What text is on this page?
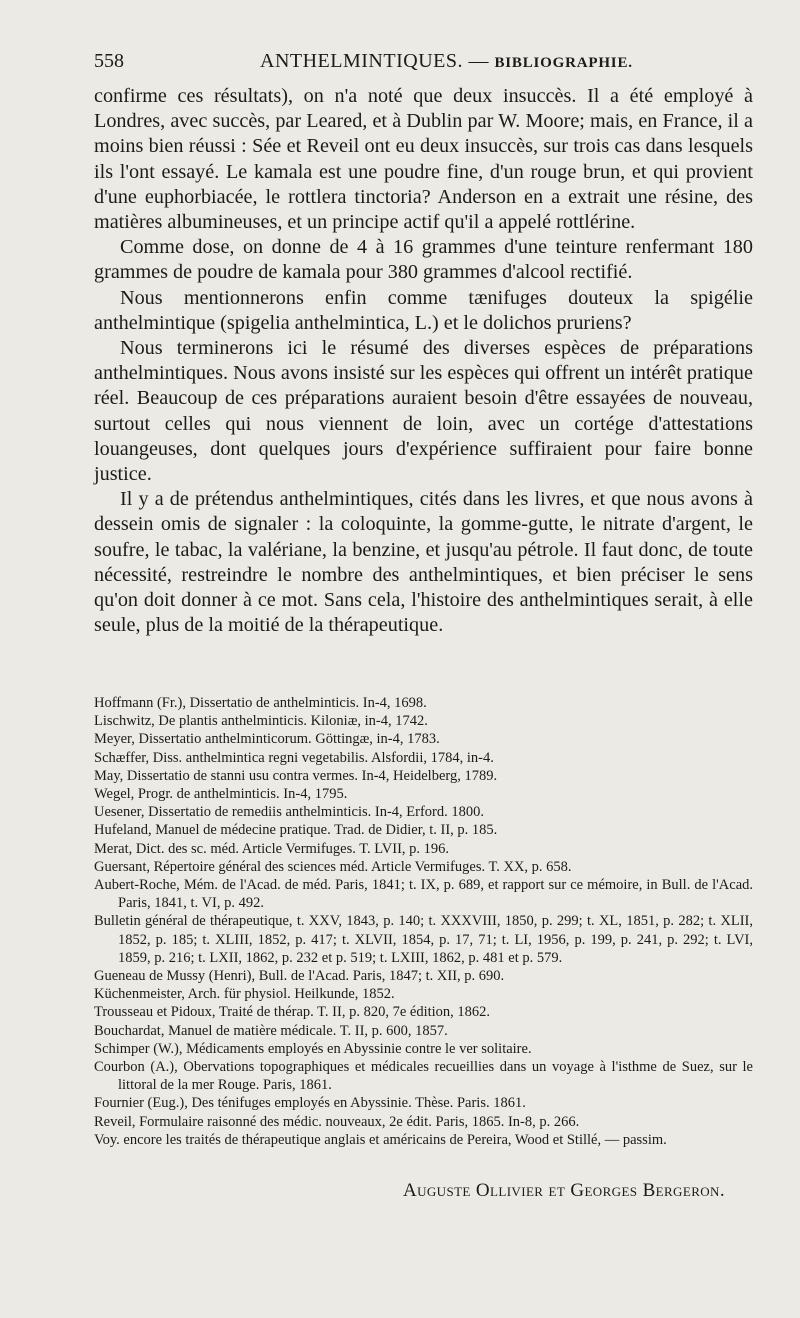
558	ANTHELMINTIQUES. — BIBLIOGRAPHIE.

confirme ces résultats), on n'a noté que deux insuccès. Il a été employé à Londres, avec succès, par Leared, et à Dublin par W. Moore; mais, en France, il a moins bien réussi : Sée et Reveil ont eu deux insuccès, sur trois cas dans lesquels ils l'ont essayé. Le kamala est une poudre fine, d'un rouge brun, et qui provient d'une euphorbiacée, le rottlera tinctoria? Anderson en a extrait une résine, des matières albumineuses, et un principe actif qu'il a appelé rottlérine.

Comme dose, on donne de 4 à 16 grammes d'une teinture renfermant 180 grammes de poudre de kamala pour 380 grammes d'alcool rectifié.

Nous mentionnerons enfin comme tænifuges douteux la spigélie anthelmintique (spigelia anthelmintica, L.) et le dolichos pruriens?

Nous terminerons ici le résumé des diverses espèces de préparations anthelmintiques. Nous avons insisté sur les espèces qui offrent un intérêt pratique réel. Beaucoup de ces préparations auraient besoin d'être essayées de nouveau, surtout celles qui nous viennent de loin, avec un cortége d'attestations louangeuses, dont quelques jours d'expérience suffiraient pour faire bonne justice.

Il y a de prétendus anthelmintiques, cités dans les livres, et que nous avons à dessein omis de signaler : la coloquinte, la gomme-gutte, le nitrate d'argent, le soufre, le tabac, la valériane, la benzine, et jusqu'au pétrole. Il faut donc, de toute nécessité, restreindre le nombre des anthelmintiques, et bien préciser le sens qu'on doit donner à ce mot. Sans cela, l'histoire des anthelmintiques serait, à elle seule, plus de la moitié de la thérapeutique.

Hoffmann (Fr.), Dissertatio de anthelminticis. In-4, 1698.
Lischwitz, De plantis anthelminticis. Kiloniæ, in-4, 1742.
Meyer, Dissertatio anthelminticorum. Göttingæ, in-4, 1783.
Schæffer, Diss. anthelmintica regni vegetabilis. Alsfordii, 1784, in-4.
May, Dissertatio de stanni usu contra vermes. In-4, Heidelberg, 1789.
Wegel, Progr. de anthelminticis. In-4, 1795.
Uesener, Dissertatio de remediis anthelminticis. In-4, Erford. 1800.
Hufeland, Manuel de médecine pratique. Trad. de Didier, t. II, p. 185.
Merat, Dict. des sc. méd. Article Vermifuges. T. LVII, p. 196.
Guersant, Répertoire général des sciences méd. Article Vermifuges. T. XX, p. 658.
Aubert-Roche, Mém. de l'Acad. de méd. Paris, 1841; t. IX, p. 689, et rapport sur ce mémoire, in Bull. de l'Acad. Paris, 1841, t. VI, p. 492.
Bulletin général de thérapeutique, t. XXV, 1843, p. 140; t. XXXVIII, 1850, p. 299; t. XL, 1851, p. 282; t. XLII, 1852, p. 185; t. XLIII, 1852, p. 417; t. XLVII, 1854, p. 17, 71; t. LI, 1956, p. 199, p. 241, p. 292; t. LVI, 1859, p. 216; t. LXII, 1862, p. 232 et p. 519; t. LXIII, 1862, p. 481 et p. 579.
Gueneau de Mussy (Henri), Bull. de l'Acad. Paris, 1847; t. XII, p. 690.
Küchenmeister, Arch. für physiol. Heilkunde, 1852.
Trousseau et Pidoux, Traité de thérap. T. II, p. 820, 7e édition, 1862.
Bouchardat, Manuel de matière médicale. T. II, p. 600, 1857.
Schimper (W.), Médicaments employés en Abyssinie contre le ver solitaire.
Courbon (A.), Obervations topographiques et médicales recueillies dans un voyage à l'isthme de Suez, sur le littoral de la mer Rouge. Paris, 1861.
Fournier (Eug.), Des ténifuges employés en Abyssinie. Thèse. Paris. 1861.
Reveil, Formulaire raisonné des médic. nouveaux, 2e édit. Paris, 1865. In-8, p. 266.
Voy. encore les traités de thérapeutique anglais et américains de Pereira, Wood et Stillé, — passim.
Auguste Ollivier et Georges Bergeron.
